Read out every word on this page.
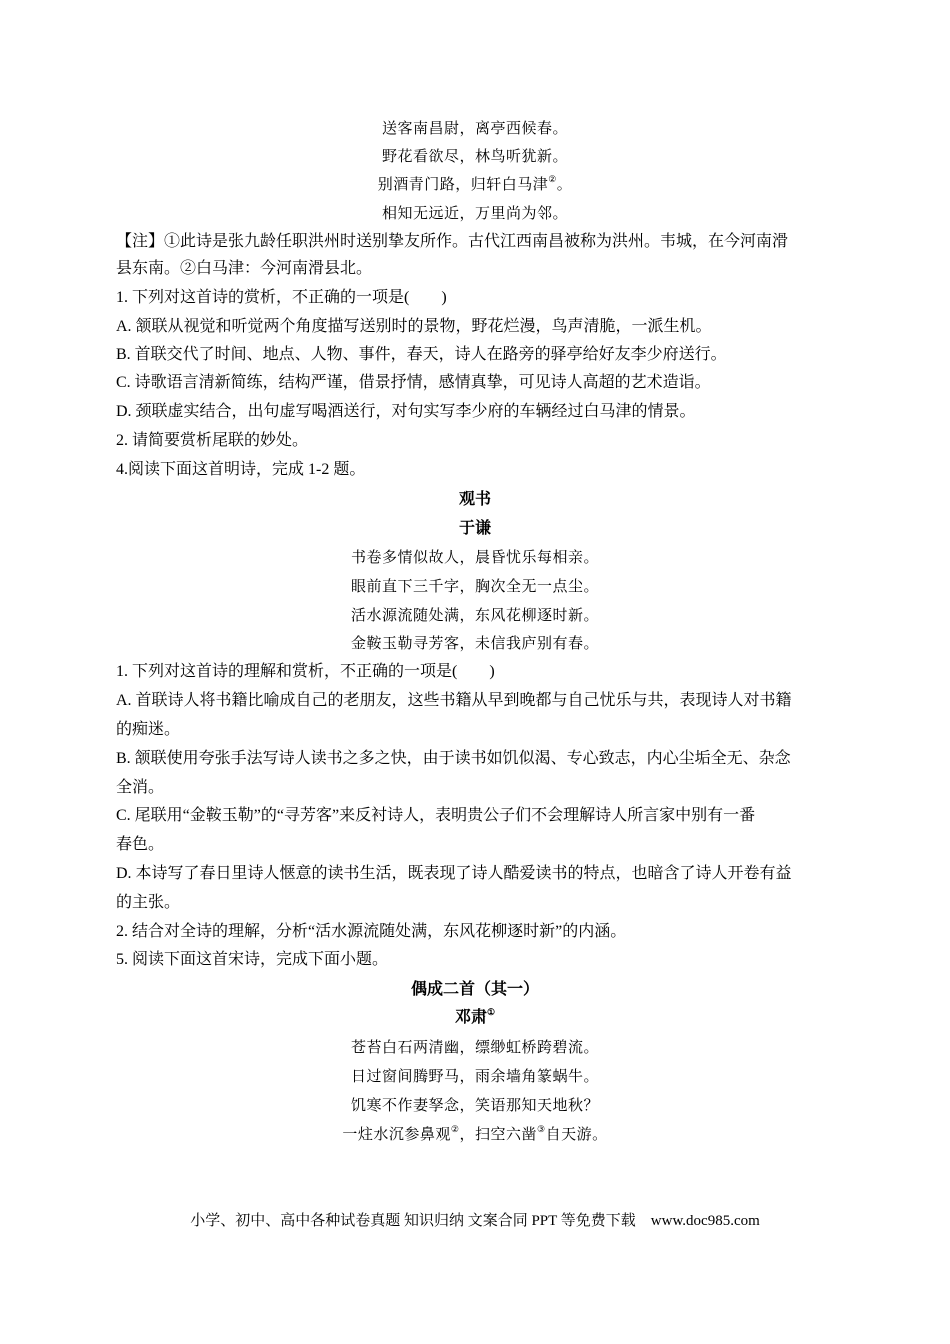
送客南昌尉，离亭西候春。
野花看欲尽，林鸟听犹新。
别酒青门路，归轩白马津②。
相知无远近，万里尚为邻。
【注】①此诗是张九龄任职洪州时送别挚友所作。古代江西南昌被称为洪州。韦城，在今河南滑
县东南。②白马津：今河南滑县北。
1. 下列对这首诗的赏析，不正确的一项是(　　)
A. 颔联从视觉和听觉两个角度描写送别时的景物，野花烂漫，鸟声清脆，一派生机。
B. 首联交代了时间、地点、人物、事件，春天，诗人在路旁的驿亭给好友李少府送行。
C. 诗歌语言清新简练，结构严谨，借景抒情，感情真挚，可见诗人高超的艺术造诣。
D. 颈联虚实结合，出句虚写喝酒送行，对句实写李少府的车辆经过白马津的情景。
2. 请简要赏析尾联的妙处。
4.阅读下面这首明诗，完成 1-2 题。
观书
于谦
书卷多情似故人，晨昏忧乐每相亲。
眼前直下三千字，胸次全无一点尘。
活水源流随处满，东风花柳逐时新。
金鞍玉勒寻芳客，未信我庐别有春。
1. 下列对这首诗的理解和赏析，不正确的一项是(　　)
A. 首联诗人将书籍比喻成自己的老朋友，这些书籍从早到晚都与自己忧乐与共，表现诗人对书籍
的痴迷。
B. 颔联使用夸张手法写诗人读书之多之快，由于读书如饥似渴、专心致志，内心尘垢全无、杂念
全消。
C. 尾联用“金鞍玉勒”的“寻芳客”来反衬诗人，表明贵公子们不会理解诗人所言家中别有一番
春色。
D. 本诗写了春日里诗人惬意的读书生活，既表现了诗人酷爱读书的特点，也暗含了诗人开卷有益
的主张。
2. 结合对全诗的理解，分析“活水源流随处满，东风花柳逐时新”的内涵。
5. 阅读下面这首宋诗，完成下面小题。
偶成二首（其一）
邓肃①
苍苔白石两清幽，缥缈虹桥跨碧流。
日过窗间腾野马，雨余墙角篆蜗牛。
饥寒不作妻孥念，笑语那知天地秋？
一炷水沉参鼻观②，扫空六凿③自天游。
小学、初中、高中各种试卷真题 知识归纳 文案合同 PPT 等免费下载　www.doc985.com
